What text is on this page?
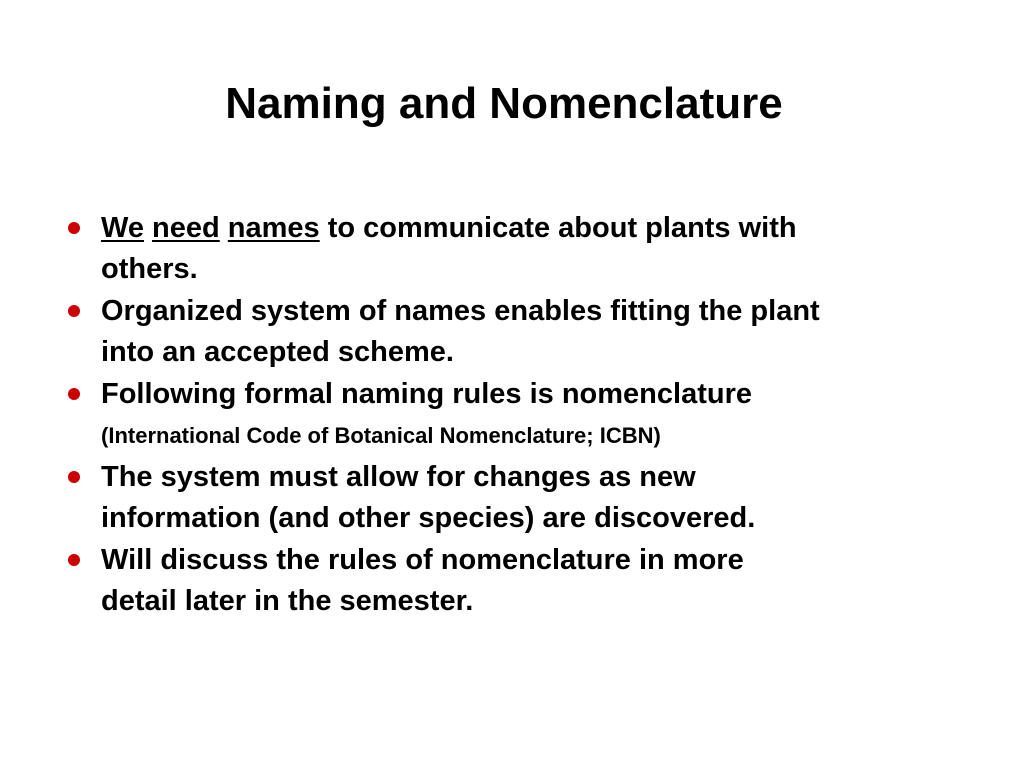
Naming and Nomenclature
We need names to communicate about plants with
others.
Organized system of names enables fitting the plant
into an accepted scheme.
Following formal naming rules is nomenclature
(International Code of Botanical Nomenclature; ICBN)
The system must allow for changes as new
information (and other species) are discovered.
Will discuss the rules of nomenclature in more
detail later in the semester.
